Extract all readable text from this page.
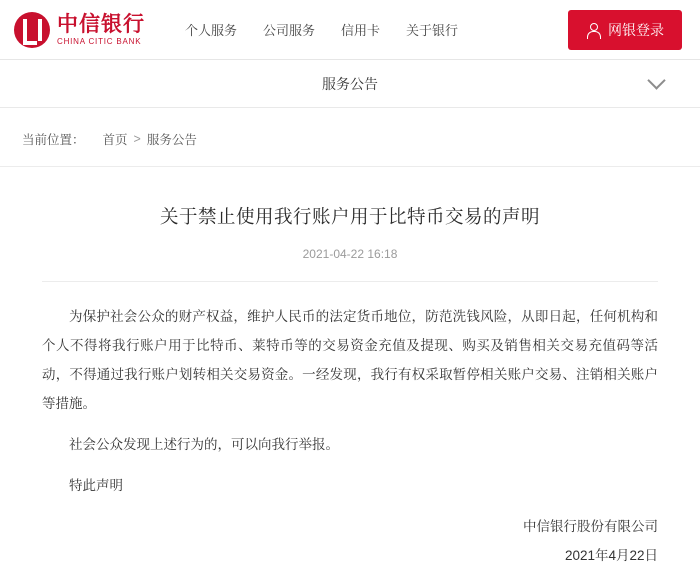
中信银行
CHINA CITIC BANK
个人服务 公司服务 信用卡 关于银行	网银登录
服务公告
当前位置： 首页 > 服务公告
关于禁止使用我行账户用于比特币交易的声明
2021-04-22 16:18

为保护社会公众的财产权益，维护人民币的法定货币地位，防范洗钱风险，从即日起，任何机构和个人不得将我行账户用于比特币、莱特币等的交易资金充值及提现、购买及销售相关交易充值码等活动，不得通过我行账户划转相关交易资金。一经发现，我行有权采取暂停相关账户交易、注销相关账户等措施。

社会公众发现上述行为的，可以向我行举报。

特此声明

中信银行股份有限公司
2021年4月22日
